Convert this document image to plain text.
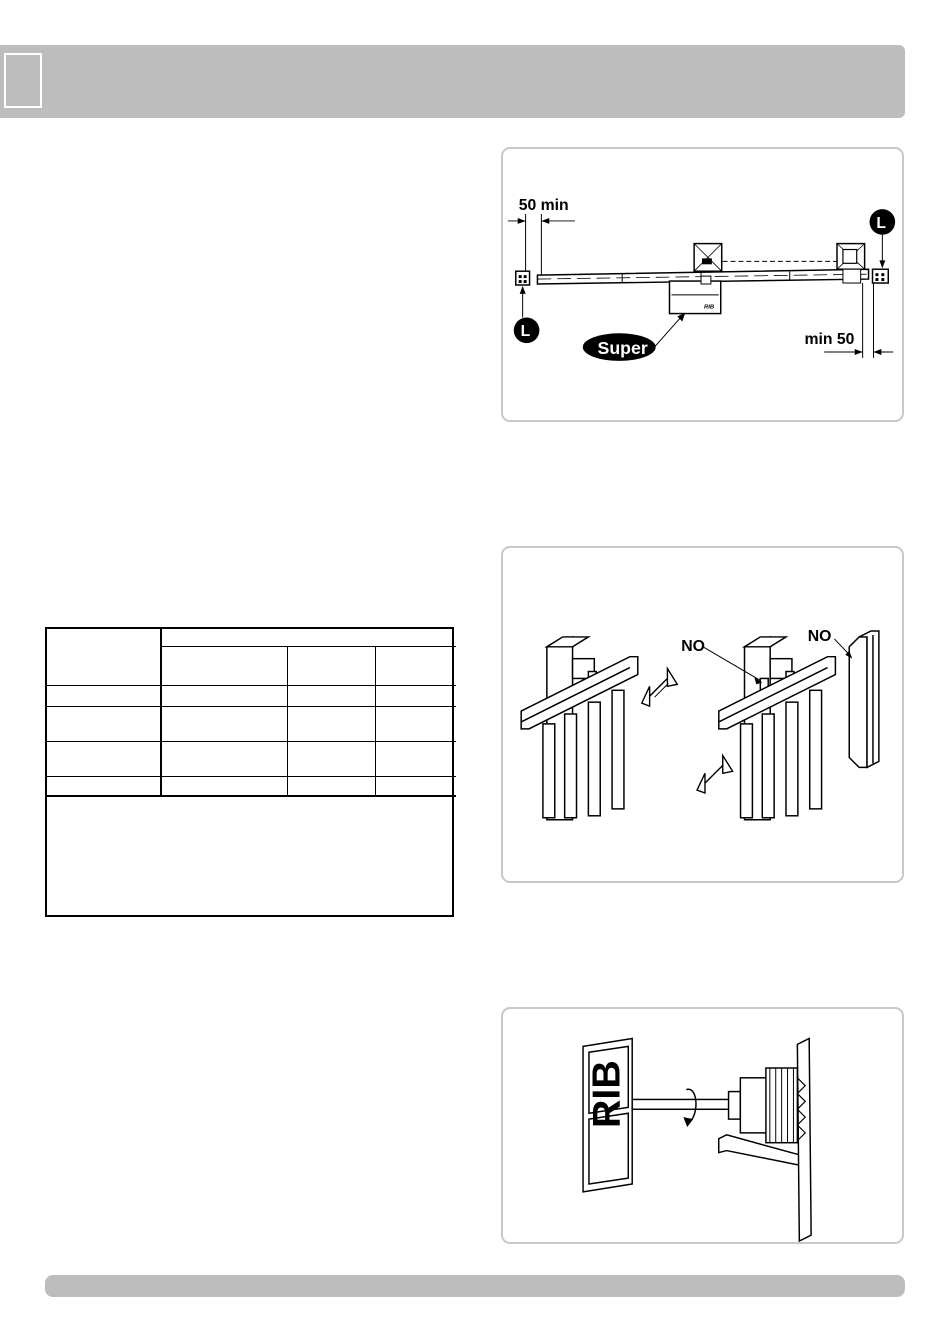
50 min
RIB
min 50
L
L
Super
NO
NO
RIB
